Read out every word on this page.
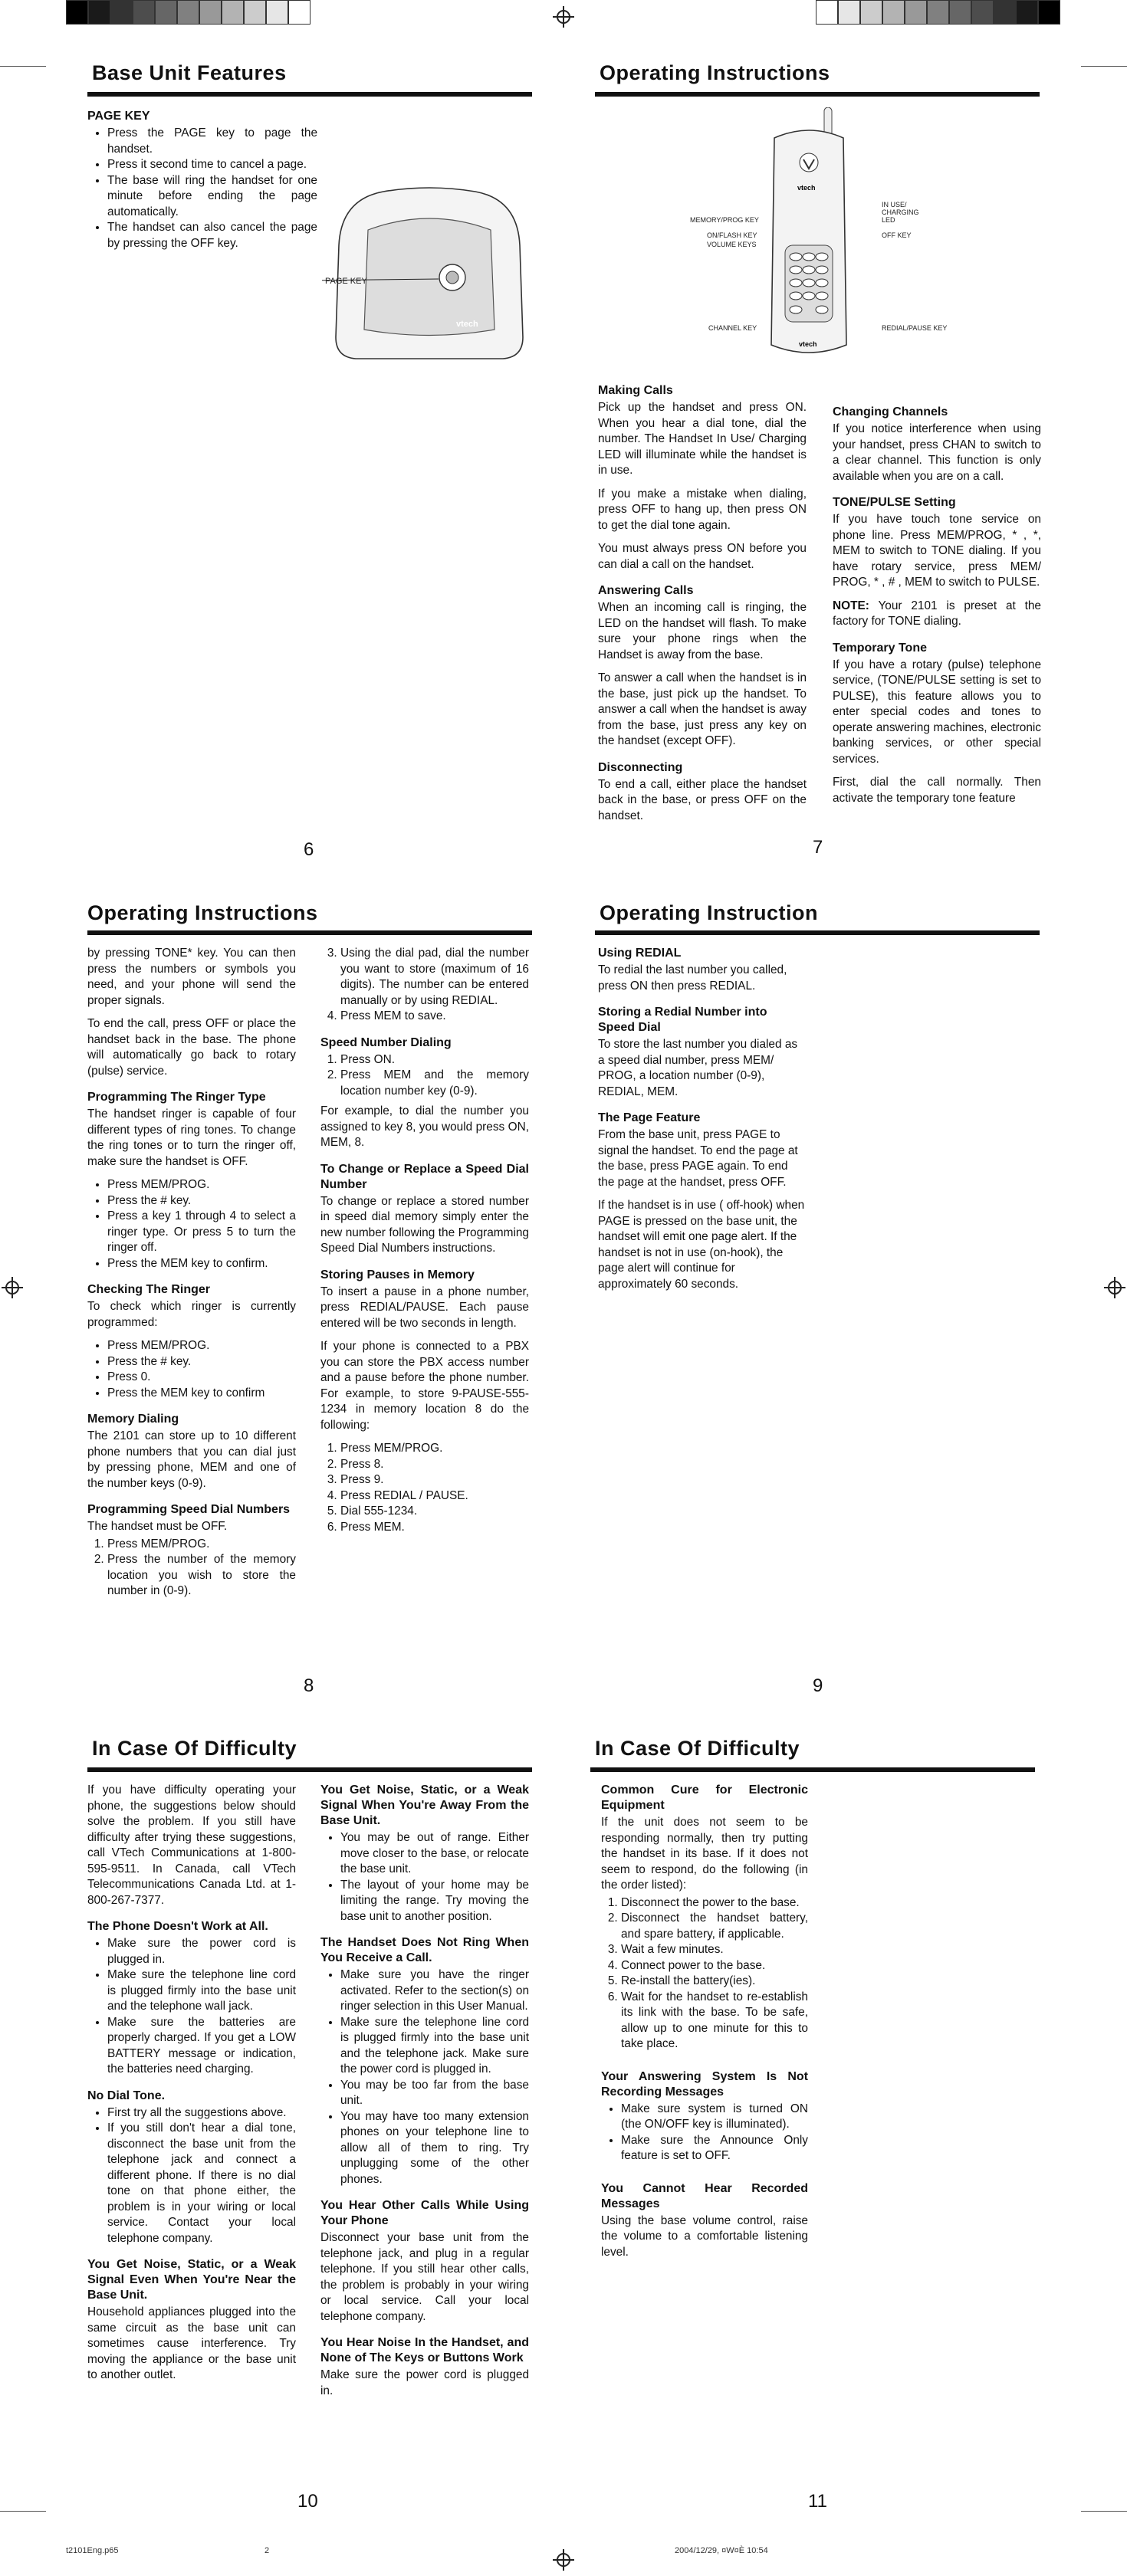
t2101Eng.p65	2	2004/12/29, ¤W¤È 10:54
Base Unit Features
PAGE KEY
• Press the PAGE key to page the handset.
• Press it second time to cancel a page.
• The base will ring the handset for one minute before ending the page automatically.
• The handset can also cancel the page by pressing the OFF key.
vtech
PAGE KEY
6
Operating Instructions
vtech
vtech
MEMORY/PROG KEY
ON/FLASH KEY
VOLUME KEYS
CHANNEL KEY
IN USE/ CHARGING LED
OFF KEY
REDIAL/PAUSE KEY
Making Calls

Pick up the handset and press ON. When you hear a dial tone, dial the number. The Handset In Use/ Charging LED will illuminate while the handset is in use.

If you make a mistake when dialing, press OFF to hang up, then press ON to get the dial tone again.

You must always press ON before you can dial a call on the handset.

Answering Calls

When an incoming call is ringing, the LED on the handset will flash. To make sure your phone rings when the Handset is away from the base.

To answer a call when the handset is in the base, just pick up the handset. To answer a call when the handset is away from the base, just press any key on the handset (except OFF).

Disconnecting

To end a call, either place the handset back in the base, or press OFF on the handset.

Changing Channels

If you notice interference when using your handset, press CHAN to switch to a clear channel. This function is only available when you are on a call.

TONE/PULSE Setting

If you have touch tone service on phone line. Press MEM/PROG, * , *, MEM to switch to TONE dialing. If you have rotary service, press MEM/ PROG, * , # , MEM to switch to PULSE.

NOTE: Your 2101 is preset at the factory for TONE dialing.

Temporary Tone

If you have a rotary (pulse) telephone service, (TONE/PULSE setting is set to PULSE), this feature allows you to enter special codes and tones to operate answering machines, electronic banking services, or other special services.

First, dial the call normally. Then activate the temporary tone feature

7
Operating Instructions

by pressing TONE* key. You can then press the numbers or symbols you need, and your phone will send the proper signals.

To end the call, press OFF or place the handset back in the base. The phone will automatically go back to rotary (pulse) service.

Programming The Ringer Type

The handset ringer is capable of four different types of ring tones. To change the ring tones or to turn the ringer off, make sure the handset is OFF.

• Press MEM/PROG.
• Press the # key.
• Press a key 1 through 4 to select a ringer type. Or press 5 to turn the ringer off.
• Press the MEM key to confirm.
Checking The Ringer

To check which ringer is currently programmed:

• Press MEM/PROG.
• Press the # key.
• Press 0.
• Press the MEM key to confirm
Memory Dialing

The 2101 can store up to 10 different phone numbers that you can dial just by pressing phone, MEM and one of the number keys (0-9).

Programming Speed Dial Numbers

The handset must be OFF.

1. Press MEM/PROG.
2. Press the number of the memory location you wish to store the number in (0-9).
3. Using the dial pad, dial the number you want to store (maximum of 16 digits). The number can be entered manually or by using REDIAL.
4. Press MEM to save.
Speed Number Dialing
1. Press ON.
2. Press MEM and the memory location number key (0-9).

For example, to dial the number you assigned to key 8, you would press ON, MEM, 8.

To Change or Replace a Speed Dial Number

To change or replace a stored number in speed dial memory simply enter the new number following the Programming Speed Dial Numbers instructions.

Storing Pauses in Memory

To insert a pause in a phone number, press REDIAL/PAUSE. Each pause entered will be two seconds in length.

If your phone is connected to a PBX you can store the PBX access number and a pause before the phone number. For example, to store 9-PAUSE-555-1234 in memory location 8 do the following:

1. Press MEM/PROG.
2. Press 8.
3. Press 9.
4. Press REDIAL / PAUSE.
5. Dial 555-1234.
6. Press MEM.
8
Operating Instruction
Using REDIAL

To redial the last number you called, press ON then press REDIAL.

Storing a Redial Number into Speed Dial

To store the last number you dialed as a speed dial number, press MEM/ PROG, a location number (0-9), REDIAL, MEM.

The Page Feature

From the base unit, press PAGE to signal the handset. To end the page at the base, press PAGE again. To end the page at the handset, press OFF.

If the handset is in use ( off-hook) when PAGE is pressed on the base unit, the handset will emit one page alert. If the handset is not in use (on-hook), the page alert will continue for approximately 60 seconds.

9
In Case Of Difficulty

If you have difficulty operating your phone, the suggestions below should solve the problem. If you still have difficulty after trying these suggestions, call VTech Communications at 1-800-595-9511. In Canada, call VTech Telecommunications Canada Ltd. at 1-800-267-7377.

The Phone Doesn't Work at All.
• Make sure the power cord is plugged in.
• Make sure the telephone line cord is plugged firmly into the base unit and the telephone wall jack.
• Make sure the batteries are properly charged. If you get a LOW BATTERY message or indication, the batteries need charging.
No Dial Tone.
• First try all the suggestions above.
• If you still don't hear a dial tone, disconnect the base unit from the telephone jack and connect a different phone. If there is no dial tone on that phone either, the problem is in your wiring or local service. Contact your local telephone company.
You Get Noise, Static, or a Weak Signal Even When You're Near the Base Unit.

Household appliances plugged into the same circuit as the base unit can sometimes cause interference. Try moving the appliance or the base unit to another outlet.

You Get Noise, Static, or a Weak Signal When You're Away From the Base Unit.
• You may be out of range. Either move closer to the base, or relocate the base unit.
• The layout of your home may be limiting the range. Try moving the base unit to another position.
The Handset Does Not Ring When You Receive a Call.
• Make sure you have the ringer activated. Refer to the section(s) on ringer selection in this User Manual.
• Make sure the telephone line cord is plugged firmly into the base unit and the telephone jack. Make sure the power cord is plugged in.
• You may be too far from the base unit.
• You may have too many extension phones on your telephone line to allow all of them to ring. Try unplugging some of the other phones.
You Hear Other Calls While Using Your Phone

Disconnect your base unit from the telephone jack, and plug in a regular telephone. If you still hear other calls, the problem is probably in your wiring or local service. Call your local telephone company.

You Hear Noise In the Handset, and None of The Keys or Buttons Work

Make sure the power cord is plugged in.

10
In Case Of Difficulty
Common Cure for Electronic Equipment

If the unit does not seem to be responding normally, then try putting the handset in its base. If it does not seem to respond, do the following (in the order listed):

1. Disconnect the power to the base.
2. Disconnect the handset battery, and spare battery, if applicable.
3. Wait a few minutes.
4. Connect power to the base.
5. Re-install the battery(ies).
6. Wait for the handset to re-establish its link with the base. To be safe, allow up to one minute for this to take place.
Your Answering System Is Not Recording Messages
• Make sure system is turned ON (the ON/OFF key is illuminated).
• Make sure the Announce Only feature is set to OFF.
You Cannot Hear Recorded Messages

Using the base volume control, raise the volume to a comfortable listening level.

11
